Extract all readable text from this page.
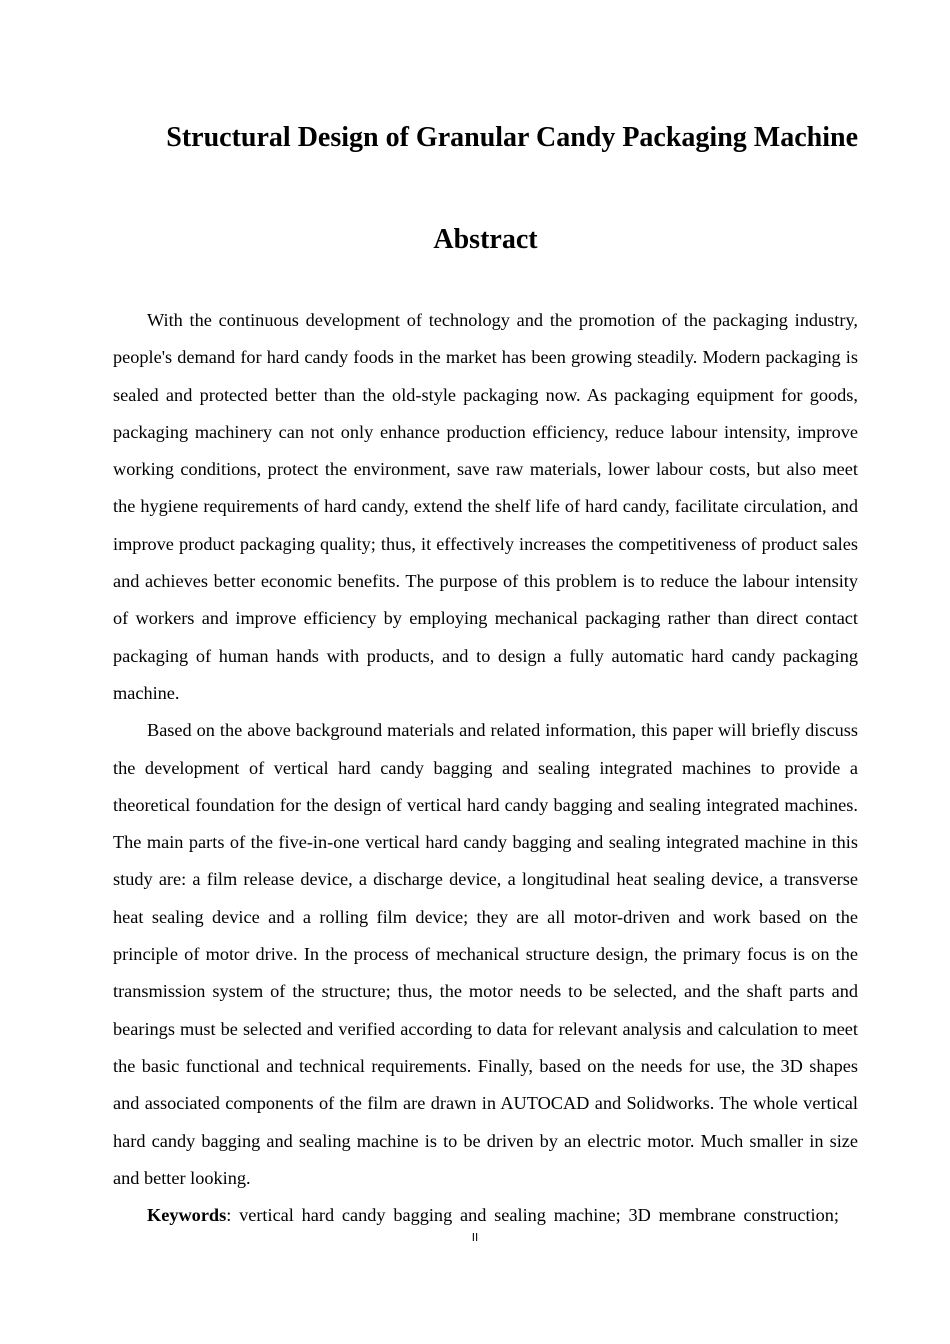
Structural Design of Granular Candy Packaging Machine
Abstract

With the continuous development of technology and the promotion of the packaging industry, people's demand for hard candy foods in the market has been growing steadily. Modern packaging is sealed and protected better than the old-style packaging now. As packaging equipment for goods, packaging machinery can not only enhance production efficiency, reduce labour intensity, improve working conditions, protect the environment, save raw materials, lower labour costs, but also meet the hygiene requirements of hard candy, extend the shelf life of hard candy, facilitate circulation, and improve product packaging quality; thus, it effectively increases the competitiveness of product sales and achieves better economic benefits. The purpose of this problem is to reduce the labour intensity of workers and improve efficiency by employing mechanical packaging rather than direct contact packaging of human hands with products, and to design a fully automatic hard candy packaging machine.

Based on the above background materials and related information, this paper will briefly discuss the development of vertical hard candy bagging and sealing integrated machines to provide a theoretical foundation for the design of vertical hard candy bagging and sealing integrated machines. The main parts of the five-in-one vertical hard candy bagging and sealing integrated machine in this study are: a film release device, a discharge device, a longitudinal heat sealing device, a transverse heat sealing device and a rolling film device; they are all motor-driven and work based on the principle of motor drive. In the process of mechanical structure design, the primary focus is on the transmission system of the structure; thus, the motor needs to be selected, and the shaft parts and bearings must be selected and verified according to data for relevant analysis and calculation to meet the basic functional and technical requirements. Finally, based on the needs for use, the 3D shapes and associated components of the film are drawn in AUTOCAD and Solidworks. The whole vertical hard candy bagging and sealing machine is to be driven by an electric motor. Much smaller in size and better looking.

Keywords: vertical hard candy bagging and sealing machine; 3D membrane construction;

II
